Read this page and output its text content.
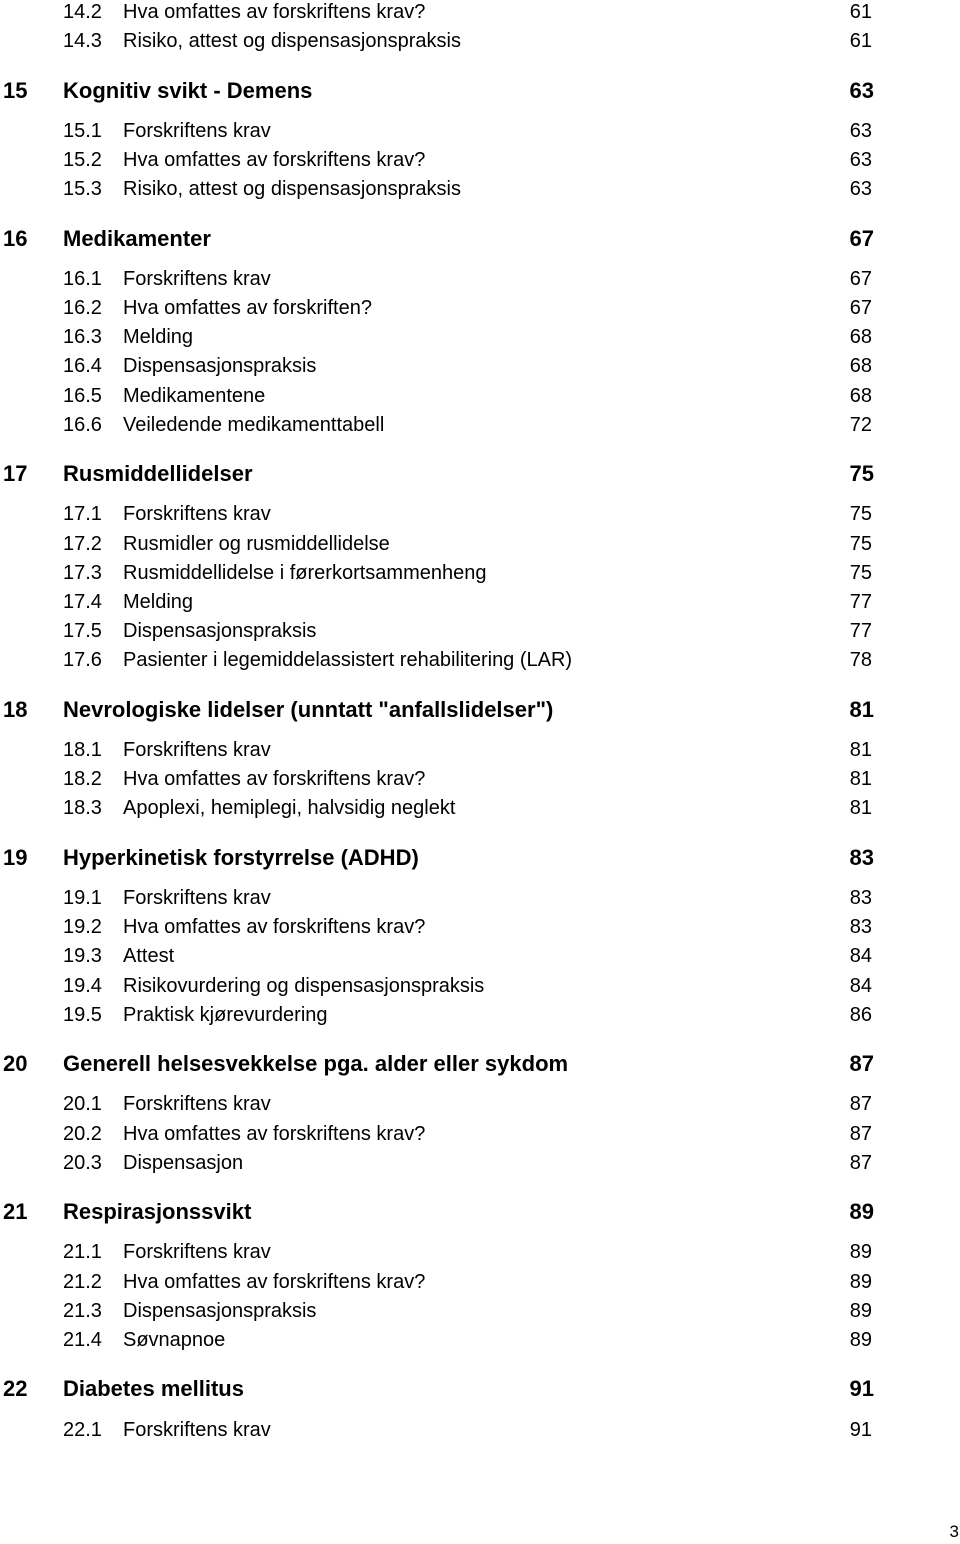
14.2 Hva omfattes av forskriftens krav?	61
14.3 Risiko, attest og dispensasjonspraksis	61
15 Kognitiv svikt - Demens	63
15.1 Forskriftens krav	63
15.2 Hva omfattes av forskriftens krav?	63
15.3 Risiko, attest og dispensasjonspraksis	63
16 Medikamenter	67
16.1 Forskriftens krav	67
16.2 Hva omfattes av forskriften?	67
16.3 Melding	68
16.4 Dispensasjonspraksis	68
16.5 Medikamentene	68
16.6 Veiledende medikamenttabell	72
17 Rusmiddellidelser	75
17.1 Forskriftens krav	75
17.2 Rusmidler og rusmiddellidelse	75
17.3 Rusmiddellidelse i førerkortsammenheng	75
17.4 Melding	77
17.5 Dispensasjonspraksis	77
17.6 Pasienter i legemiddelassistert rehabilitering (LAR)	78
18 Nevrologiske lidelser (unntatt "anfallslidelser")	81
18.1 Forskriftens krav	81
18.2 Hva omfattes av forskriftens krav?	81
18.3 Apoplexi, hemiplegi, halvsidig neglekt	81
19 Hyperkinetisk forstyrrelse (ADHD)	83
19.1 Forskriftens krav	83
19.2 Hva omfattes av forskriftens krav?	83
19.3 Attest	84
19.4 Risikovurdering og dispensasjonspraksis	84
19.5 Praktisk kjørevurdering	86
20 Generell helsesvekkelse pga. alder eller sykdom	87
20.1 Forskriftens krav	87
20.2 Hva omfattes av forskriftens krav?	87
20.3 Dispensasjon	87
21 Respirasjonssvikt	89
21.1 Forskriftens krav	89
21.2 Hva omfattes av forskriftens krav?	89
21.3 Dispensasjonspraksis	89
21.4 Søvnapnoe	89
22 Diabetes mellitus	91
22.1 Forskriftens krav	91
3
